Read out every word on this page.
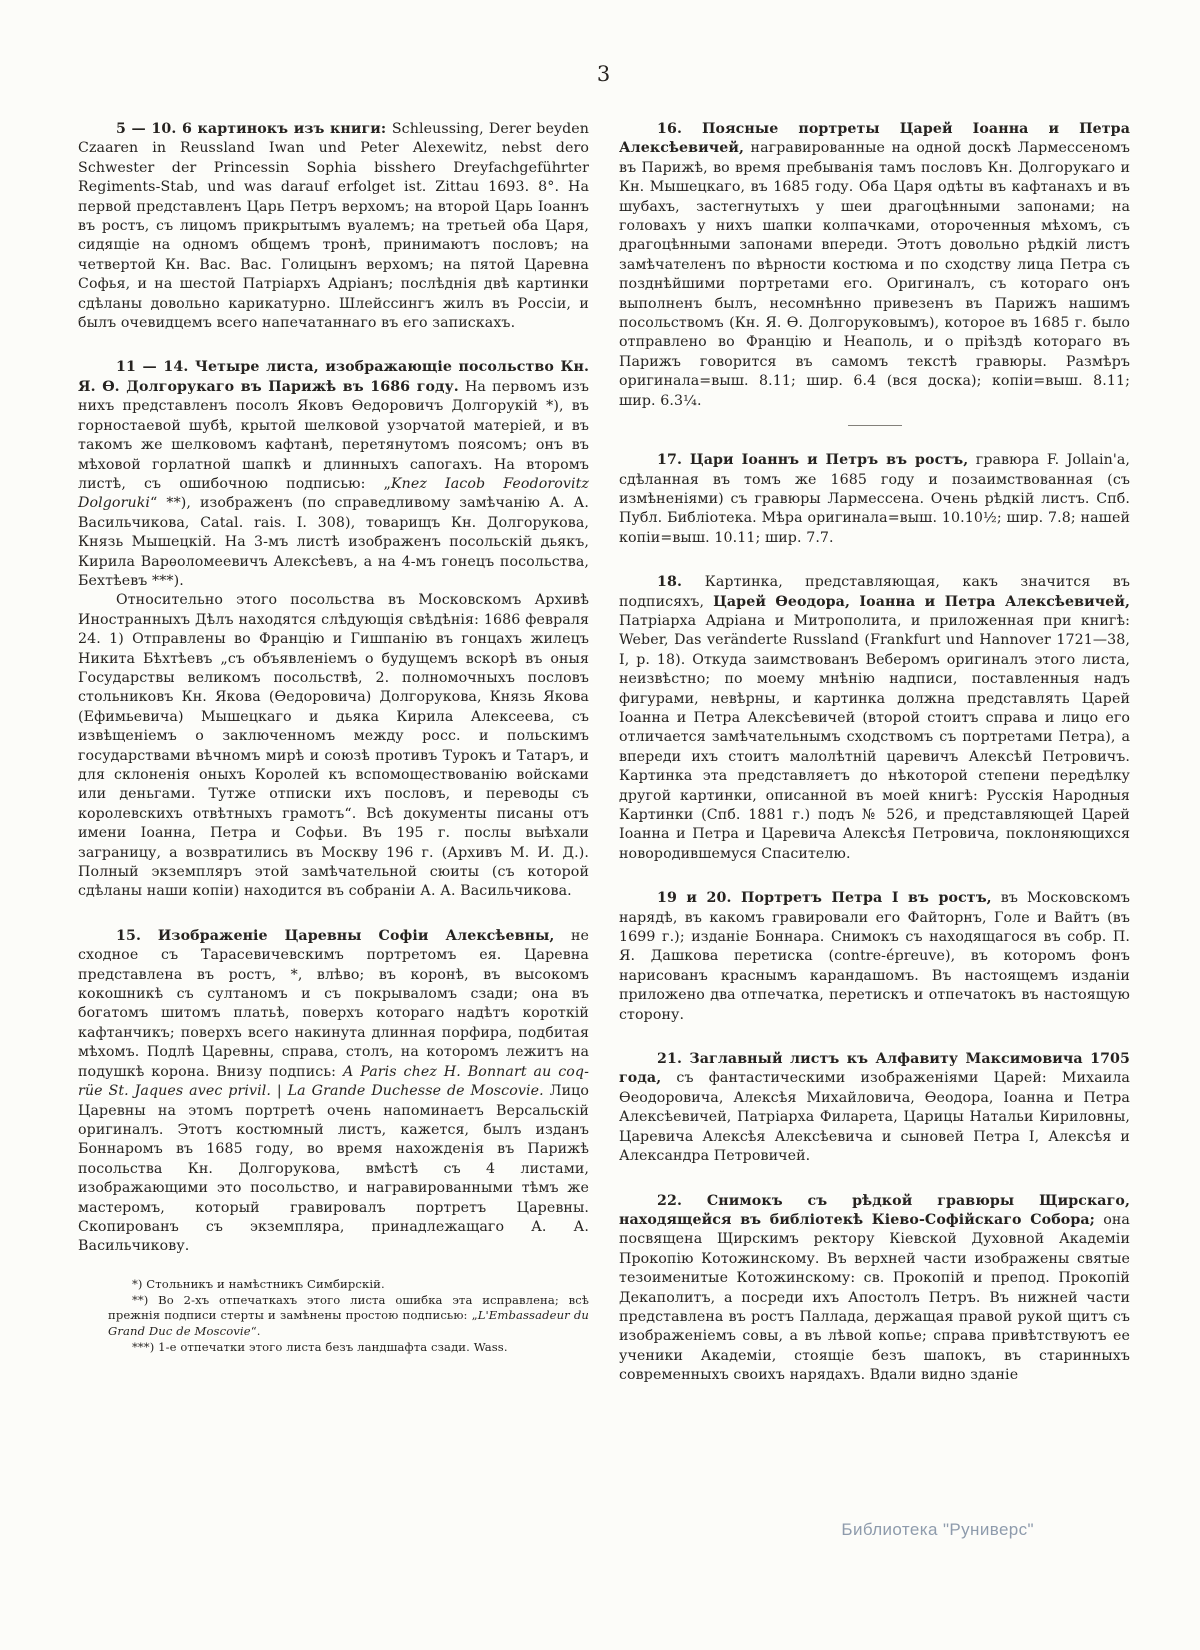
3

5 — 10. 6 картинокъ изъ книги: Schleussing, Derer beyden Czaaren in Reussland Iwan und Peter Alexewitz, nebst dero Schwester der Princessin Sophia bisshero Dreyfachgeführter Regiments-Stab, und was darauf erfolget ist. Zittau 1693. 8°. На первой представленъ Царь Петръ верхомъ; на второй Царь Іоаннъ въ ростъ, съ лицомъ прикрытымъ вуалемъ; на третьей оба Царя, сидящіе на одномъ общемъ тронѣ, принимаютъ пословъ; на четвертой Кн. Вас. Вас. Голицынъ верхомъ; на пятой Царевна Софья, и на шестой Патріархъ Адріанъ; послѣднія двѣ картинки сдѣланы довольно карикатурно. Шлейссингъ жилъ въ Россіи, и былъ очевидцемъ всего напечатаннаго въ его запискахъ.

11 — 14. Четыре листа, изображающіе посольство Кн. Я. Ѳ. Долгорукаго въ Парижѣ въ 1686 году. На первомъ изъ нихъ представленъ посолъ Яковъ Ѳедоровичъ Долгорукій *), въ горностаевой шубѣ, крытой шелковой узорчатой матеріей, и въ такомъ же шелковомъ кафтанѣ, перетянутомъ поясомъ; онъ въ мѣховой горлатной шапкѣ и длинныхъ сапогахъ. На второмъ листѣ, съ ошибочною подписью: „Knez Iacob Feodorovitz Dolgoruki“ **), изображенъ (по справедливому замѣчанію А. А. Васильчикова, Catal. rais. I. 308), товарищъ Кн. Долгорукова, Князь Мышецкій. На 3-мъ листѣ изображенъ посольскій дьякъ, Кирила Варѳоломеевичъ Алексѣевъ, а на 4-мъ гонецъ посольства, Бехтѣевъ ***).

Относительно этого посольства въ Московскомъ Архивѣ Иностранныхъ Дѣлъ находятся слѣдующія свѣдѣнія: 1686 февраля 24. 1) Отправлены во Францію и Гишпанію въ гонцахъ жилецъ Никита Бѣхтѣевъ „съ объявленіемъ о будущемъ вскорѣ въ оныя Государствы великомъ посольствѣ, 2. полномочныхъ пословъ стольниковъ Кн. Якова (Ѳедоровича) Долгорукова, Князь Якова (Ефимьевича) Мышецкаго и дьяка Кирила Алексеева, съ извѣщеніемъ о заключенномъ между росс. и польскимъ государствами вѣчномъ мирѣ и союзѣ противъ Турокъ и Татаръ, и для склоненія оныхъ Королей къ вспомоществованію войсками или деньгами. Тутже отписки ихъ пословъ, и переводы съ королевскихъ отвѣтныхъ грамотъ“. Всѣ документы писаны отъ имени Іоанна, Петра и Софьи. Въ 195 г. послы выѣхали заграницу, а возвратились въ Москву 196 г. (Архивъ М. И. Д.). Полный экземпляръ этой замѣчательной сюиты (съ которой сдѣланы наши копіи) находится въ собраніи А. А. Васильчикова.

15. Изображеніе Царевны Софіи Алексѣевны, не сходное съ Тарасевичевскимъ портретомъ ея. Царевна представлена въ ростъ, *, влѣво; въ коронѣ, въ высокомъ кокошникѣ съ султаномъ и съ покрываломъ сзади; она въ богатомъ шитомъ платьѣ, поверхъ котораго надѣтъ короткій кафтанчикъ; поверхъ всего накинута длинная порфира, подбитая мѣхомъ. Подлѣ Царевны, справа, столъ, на которомъ лежитъ на подушкѣ корона. Внизу подпись: A Paris chez H. Bonnart au coq-rüe St. Jaques avec privil. | La Grande Duchesse de Moscovie. Лицо Царевны на этомъ портретѣ очень напоминаетъ Версальскій оригиналъ. Этотъ костюмный листъ, кажется, былъ изданъ Боннаромъ въ 1685 году, во время нахожденія въ Парижѣ посольства Кн. Долгорукова, вмѣстѣ съ 4 листами, изображающими это посольство, и награвированными тѣмъ же мастеромъ, который гравировалъ портретъ Царевны. Скопированъ съ экземпляра, принадлежащаго А. А. Васильчикову.

*) Стольникъ и намѣстникъ Симбирскій.

**) Во 2-хъ отпечаткахъ этого листа ошибка эта исправлена; всѣ прежнія подписи стерты и замѣнены простою подписью: „L'Embassadeur du Grand Duc de Moscovie“.

***) 1-е отпечатки этого листа безъ ландшафта сзади. Wass.

16. Поясные портреты Царей Іоанна и Петра Алексѣевичей, награвированные на одной доскѣ Лармессеномъ въ Парижѣ, во время пребыванія тамъ пословъ Кн. Долгорукаго и Кн. Мышецкаго, въ 1685 году. Оба Царя одѣты въ кафтанахъ и въ шубахъ, застегнутыхъ у шеи драгоцѣнными запонами; на головахъ у нихъ шапки колпачками, отороченныя мѣхомъ, съ драгоцѣнными запонами впереди. Этотъ довольно рѣдкій листъ замѣчателенъ по вѣрности костюма и по сходству лица Петра съ позднѣйшими портретами его. Оригиналъ, съ котораго онъ выполненъ былъ, несомнѣнно привезенъ въ Парижъ нашимъ посольствомъ (Кн. Я. Ѳ. Долгоруковымъ), которое въ 1685 г. было отправлено во Францію и Неаполь, и о пріѣздѣ котораго въ Парижъ говорится въ самомъ текстѣ гравюры. Размѣръ оригинала=выш. 8.11; шир. 6.4 (вся доска); копіи=выш. 8.11; шир. 6.3¼.

17. Цари Іоаннъ и Петръ въ ростъ, гравюра F. Jollain'а, сдѣланная въ томъ же 1685 году и позаимствованная (съ измѣненіями) съ гравюры Лармессена. Очень рѣдкій листъ. Спб. Публ. Библіотека. Мѣра оригинала=выш. 10.10½; шир. 7.8; нашей копіи=выш. 10.11; шир. 7.7.

18. Картинка, представляющая, какъ значится въ подписяхъ, Царей Ѳеодора, Іоанна и Петра Алексѣевичей, Патріарха Адріана и Митрополита, и приложенная при книгѣ: Weber, Das veränderte Russland (Frankfurt und Hannover 1721—38, I, p. 18). Откуда заимствованъ Веберомъ оригиналъ этого листа, неизвѣстно; по моему мнѣнію надписи, поставленныя надъ фигурами, невѣрны, и картинка должна представлять Царей Іоанна и Петра Алексѣевичей (второй стоитъ справа и лицо его отличается замѣчательнымъ сходствомъ съ портретами Петра), а впереди ихъ стоитъ малолѣтній царевичъ Алексѣй Петровичъ. Картинка эта представляетъ до нѣкоторой степени передѣлку другой картинки, описанной въ моей книгѣ: Русскія Народныя Картинки (Спб. 1881 г.) подъ № 526, и представляющей Царей Іоанна и Петра и Царевича Алексѣя Петровича, поклоняющихся новородившемуся Спасителю.

19 и 20. Портретъ Петра I въ ростъ, въ Московскомъ нарядѣ, въ какомъ гравировали его Файторнъ, Голе и Вайтъ (въ 1699 г.); изданіе Боннара. Снимокъ съ находящагося въ собр. П. Я. Дашкова перетиска (contre-épreuve), въ которомъ фонъ нарисованъ краснымъ карандашомъ. Въ настоящемъ изданіи приложено два отпечатка, перетискъ и отпечатокъ въ настоящую сторону.

21. Заглавный листъ къ Алфавиту Максимовича 1705 года, съ фантастическими изображеніями Царей: Михаила Ѳеодоровича, Алексѣя Михайловича, Ѳеодора, Іоанна и Петра Алексѣевичей, Патріарха Филарета, Царицы Натальи Кириловны, Царевича Алексѣя Алексѣевича и сыновей Петра I, Алексѣя и Александра Петровичей.

22. Снимокъ съ рѣдкой гравюры Щирскаго, находящейся въ библіотекѣ Кіево-Софійскаго Собора; она посвящена Щирскимъ ректору Кіевской Духовной Академіи Прокопію Котожинскому. Въ верхней части изображены святые тезоименитые Котожинскому: св. Прокопій и препод. Прокопій Декаполитъ, а посреди ихъ Апостолъ Петръ. Въ нижней части представлена въ ростъ Паллада, держащая правой рукой щитъ съ изображеніемъ совы, а въ лѣвой копье; справа привѣтствуютъ ее ученики Академіи, стоящіе безъ шапокъ, въ старинныхъ современныхъ своихъ нарядахъ. Вдали видно зданіе

Библиотека "Руниверс"
